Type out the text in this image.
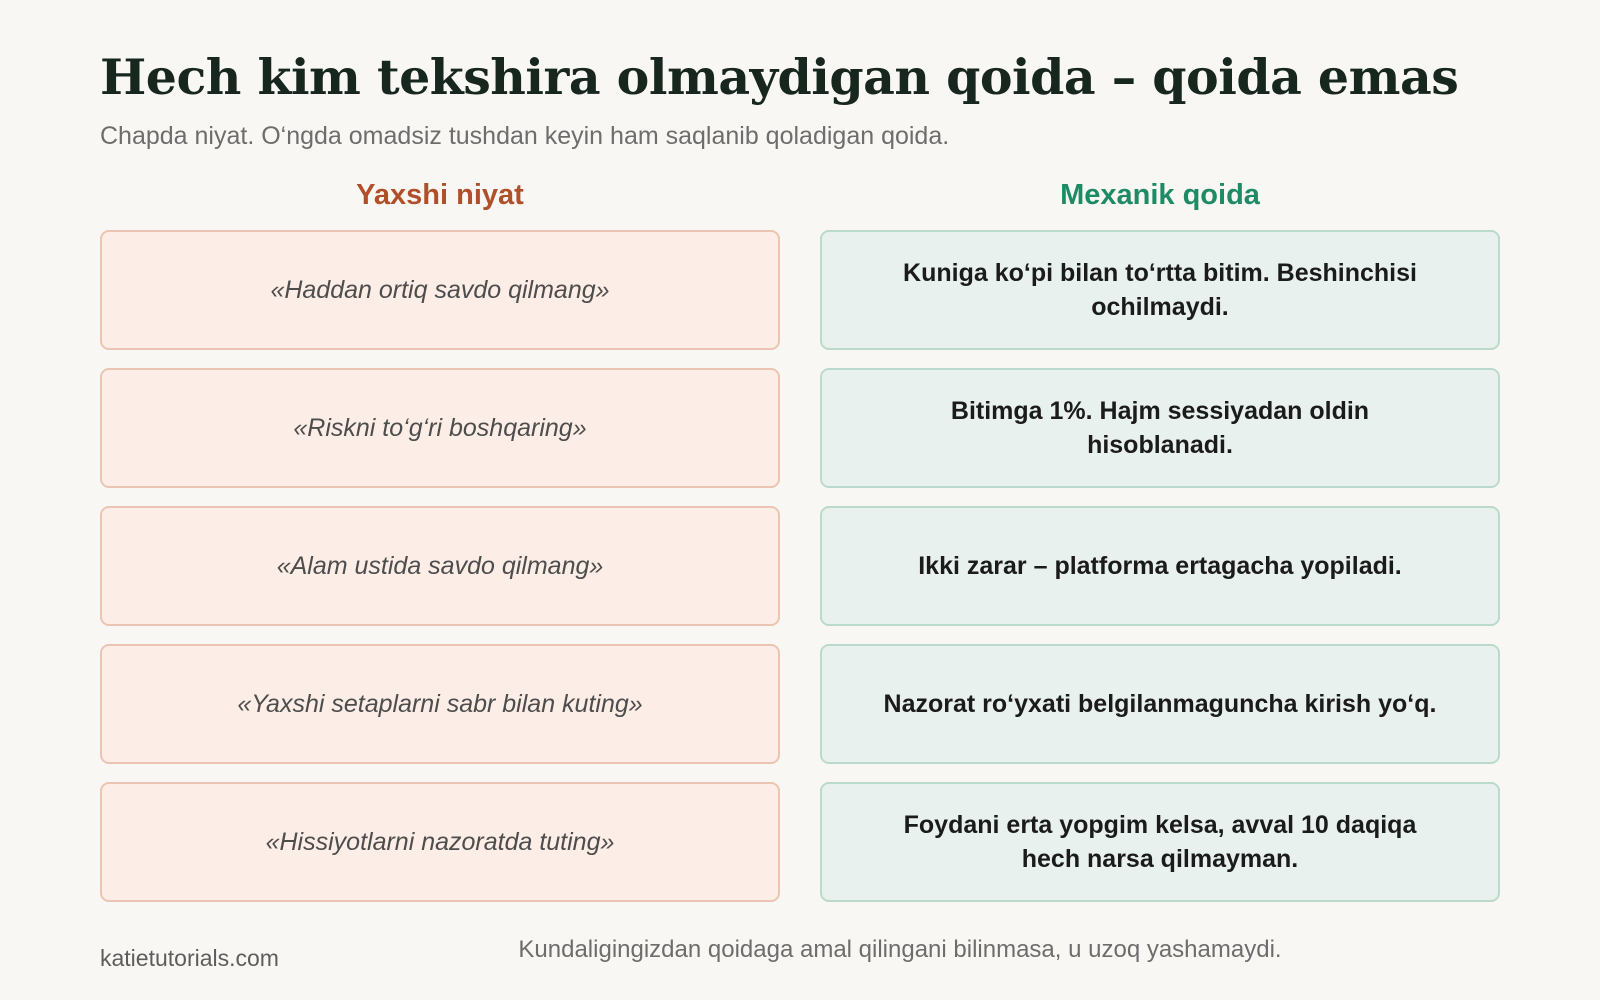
Hech kim tekshira olmaydigan qoida – qoida emas

Chapda niyat. O‘ngda omadsiz tushdan keyin ham saqlanib qoladigan qoida.

Yaxshi niyat	Mexanik qoida
«Haddan ortiq savdo qilmang»
«Riskni to‘g‘ri boshqaring»
«Alam ustida savdo qilmang»
«Yaxshi setaplarni sabr bilan kuting»
«Hissiyotlarni nazoratda tuting»
Kuniga ko‘pi bilan to‘rtta bitim. Beshinchisi ochilmaydi.
Bitimga 1%. Hajm sessiyadan oldin hisoblanadi.
Ikki zarar – platforma ertagacha yopiladi.
Nazorat ro‘yxati belgilanmaguncha kirish yo‘q.
Foydani erta yopgim kelsa, avval 10 daqiqa hech narsa qilmayman.
Kundaligingizdan qoidaga amal qilingani bilinmasa, u uzoq yashamaydi.
katietutorials.com
